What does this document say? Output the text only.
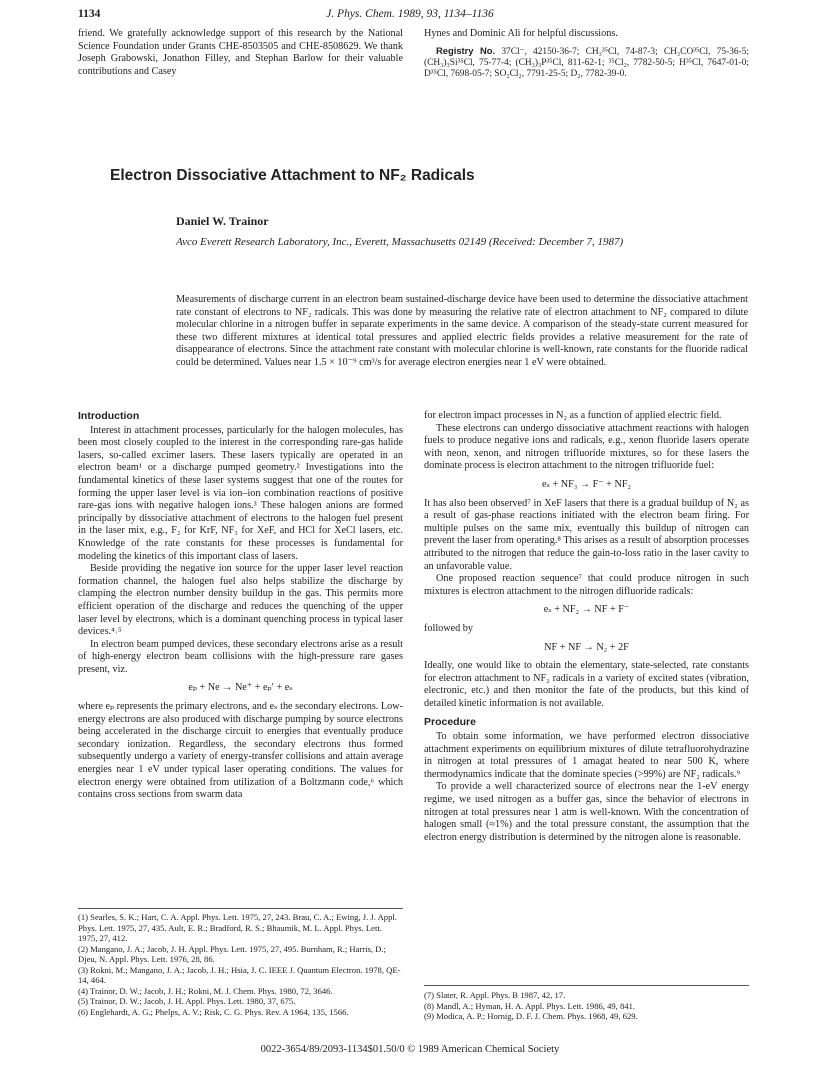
1134	J. Phys. Chem. 1989, 93, 1134–1136

friend. We gratefully acknowledge support of this research by the National Science Foundation under Grants CHE-8503505 and CHE-8508629. We thank Joseph Grabowski, Jonathon Filley, and Stephan Barlow for their valuable contributions and Casey

Hynes and Dominic Ali for helpful discussions.

Registry No. 37Cl⁻, 42150-36-7; CH₃³⁵Cl, 74-87-3; CH₃CO³⁵Cl, 75-36-5; (CH₃)₃Si³⁵Cl, 75-77-4; (CH₃)₃P³⁵Cl, 811-62-1; ³⁵Cl₂, 7782-50-5; H³⁵Cl, 7647-01-0; D³⁵Cl, 7698-05-7; SO₂Cl₂, 7791-25-5; D₂, 7782-39-0.

Electron Dissociative Attachment to NF₂ Radicals
Daniel W. Trainor
Avco Everett Research Laboratory, Inc., Everett, Massachusetts 02149 (Received: December 7, 1987)
Measurements of discharge current in an electron beam sustained-discharge device have been used to determine the dissociative attachment rate constant of electrons to NF₂ radicals. This was done by measuring the relative rate of electron attachment to NF₂ compared to dilute molecular chlorine in a nitrogen buffer in separate experiments in the same device. A comparison of the steady-state current measured for these two different mixtures at identical total pressures and applied electric fields provides a relative measurement for the rate of disappearance of electrons. Since the attachment rate constant with molecular chlorine is well-known, rate constants for the fluoride radical could be determined. Values near 1.5 × 10⁻⁹ cm³/s for average electron energies near 1 eV were obtained.
Introduction

Interest in attachment processes, particularly for the halogen molecules, has been most closely coupled to the interest in the corresponding rare-gas halide lasers, so-called excimer lasers. These lasers typically are operated in an electron beam¹ or a discharge pumped geometry.² Investigations into the fundamental kinetics of these laser systems suggest that one of the routes for forming the upper laser level is via ion–ion combination reactions of positive rare-gas ions with negative halogen ions.³ These halogen anions are formed principally by dissociative attachment of electrons to the halogen fuel present in the laser mix, e.g., F₂ for KrF, NF₃ for XeF, and HCl for XeCl lasers, etc. Knowledge of the rate constants for these processes is fundamental for modeling the kinetics of this important class of lasers.

Beside providing the negative ion source for the upper laser level reaction formation channel, the halogen fuel also helps stabilize the discharge by clamping the electron number density buildup in the gas. This permits more efficient operation of the discharge and reduces the quenching of the upper laser level by electrons, which is a dominant quenching process in typical laser devices.⁴˒⁵

In electron beam pumped devices, these secondary electrons arise as a result of high-energy electron beam collisions with the high-pressure rare gases present, viz.

eₚ + Ne → Ne⁺ + eₚ′ + eₛ

where eₚ represents the primary electrons, and eₛ the secondary electrons. Low-energy electrons are also produced with discharge pumping by source electrons being accelerated in the discharge circuit to energies that eventually produce secondary ionization. Regardless, the secondary electrons thus formed subsequently undergo a variety of energy-transfer collisions and attain average energies near 1 eV under typical laser operating conditions. The values for electron energy were obtained from utilization of a Boltzmann code,⁶ which contains cross sections from swarm data

for electron impact processes in N₂ as a function of applied electric field.

These electrons can undergo dissociative attachment reactions with halogen fuels to produce negative ions and radicals, e.g., xenon fluoride lasers operate with neon, xenon, and nitrogen trifluoride mixtures, so for these lasers the dominate process is electron attachment to the nitrogen trifluoride fuel:

eₛ + NF₃ → F⁻ + NF₂

It has also been observed⁷ in XeF lasers that there is a gradual buildup of N₂ as a result of gas-phase reactions initiated with the electron beam firing. For multiple pulses on the same mix, eventually this buildup of nitrogen can prevent the laser from operating.⁸ This arises as a result of absorption processes attributed to the nitrogen that reduce the gain-to-loss ratio in the laser cavity to an unfavorable value.

One proposed reaction sequence⁷ that could produce nitrogen in such mixtures is electron attachment to the nitrogen difluoride radicals:

eₛ + NF₂ → NF + F⁻

followed by

NF + NF → N₂ + 2F

Ideally, one would like to obtain the elementary, state-selected, rate constants for electron attachment to NF₂ radicals in a variety of excited states (vibration, electronic, etc.) and then monitor the fate of the products, but this kind of detailed kinetic information is not available.

Procedure

To obtain some information, we have performed electron dissociative attachment experiments on equilibrium mixtures of dilute tetrafluorohydrazine in nitrogen at total pressures of 1 amagat heated to near 500 K, where thermodynamics indicate that the dominate species (>99%) are NF₂ radicals.⁹

To provide a well characterized source of electrons near the 1-eV energy regime, we used nitrogen as a buffer gas, since the behavior of electrons in nitrogen at total pressures near 1 atm is well-known. With the concentration of halogen small (≈1%) and the total pressure constant, the assumption that the electron energy distribution is determined by the nitrogen alone is reasonable.

(1) Searles, S. K.; Hart, C. A. Appl. Phys. Lett. 1975, 27, 243. Brau, C. A.; Ewing, J. J. Appl. Phys. Lett. 1975, 27, 435. Ault, E. R.; Bradford, R. S.; Bhaumik, M. L. Appl. Phys. Lett. 1975, 27, 412.
(2) Mangano, J. A.; Jacob, J. H. Appl. Phys. Lett. 1975, 27, 495. Burnham, R.; Harris, D.; Djeu, N. Appl. Phys. Lett. 1976, 28, 86.
(3) Rokni, M.; Mangano, J. A.; Jacob, J. H.; Hsia, J. C. IEEE J. Quantum Electron. 1978, QE-14, 464.
(4) Trainor, D. W.; Jacob, J. H.; Rokni, M. J. Chem. Phys. 1980, 72, 3646.
(5) Trainor, D. W.; Jacob, J. H. Appl. Phys. Lett. 1980, 37, 675.
(6) Englehardt, A. G.; Phelps, A. V.; Risk, C. G. Phys. Rev. A 1964, 135, 1566.
(7) Slater, R. Appl. Phys. B 1987, 42, 17.
(8) Mandl, A.; Hyman, H. A. Appl. Phys. Lett. 1986, 49, 841.
(9) Modica, A. P.; Hornig, D. F. J. Chem. Phys. 1968, 49, 629.
0022-3654/89/2093-1134$01.50/0 © 1989 American Chemical Society
